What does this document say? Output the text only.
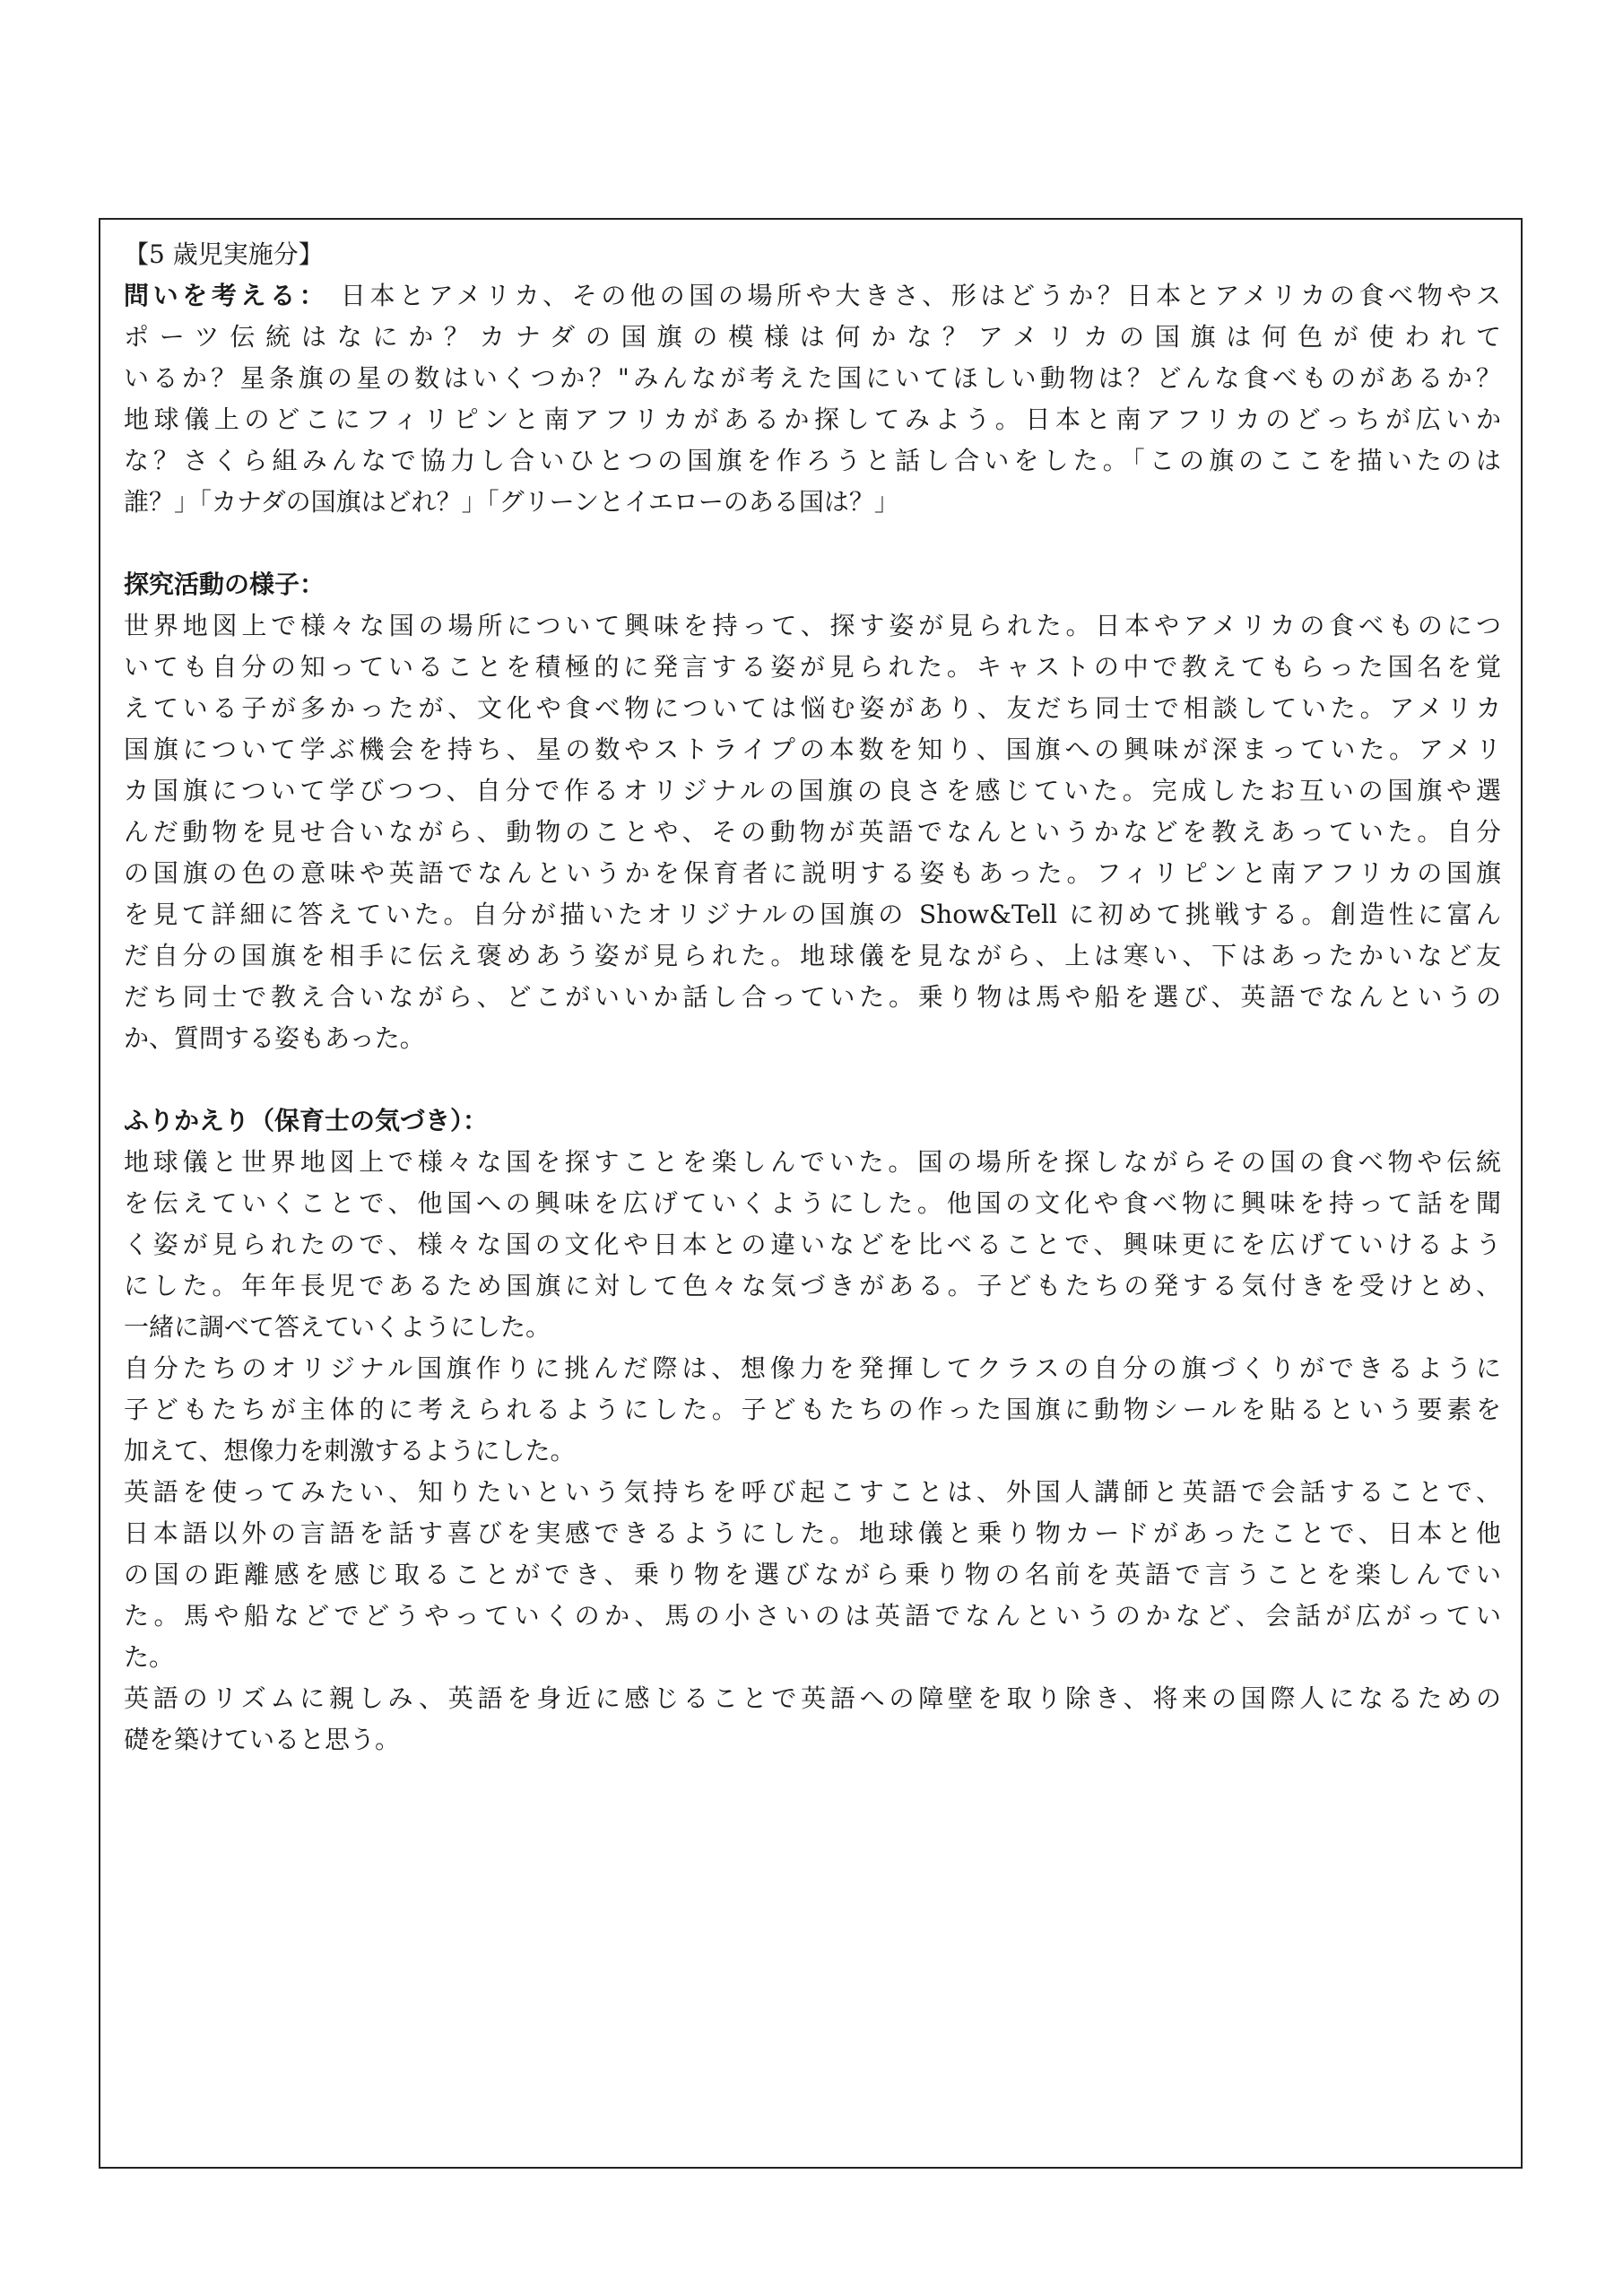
【5 歳児実施分】

問いを考える： 日本とアメリカ、その他の国の場所や大きさ、形はどうか？日本とアメリカの食べ物やス

ポーツ伝統はなにか？カナダの国旗の模様は何かな？アメリカの国旗は何色が使われて

いるか？星条旗の星の数はいくつか？"みんなが考えた国にいてほしい動物は？どんな食べものがあるか？

地球儀上のどこにフィリピンと南アフリカがあるか探してみよう。日本と南アフリカのどっちが広いか

な？さくら組みんなで協力し合いひとつの国旗を作ろうと話し合いをした。「この旗のここを描いたのは

誰？」「カナダの国旗はどれ？」「グリーンとイエローのある国は？」

探究活動の様子：

世界地図上で様々な国の場所について興味を持って、探す姿が見られた。日本やアメリカの食べものにつ

いても自分の知っていることを積極的に発言する姿が見られた。キャストの中で教えてもらった国名を覚

えている子が多かったが、文化や食べ物については悩む姿があり、友だち同士で相談していた。アメリカ

国旗について学ぶ機会を持ち、星の数やストライプの本数を知り、国旗への興味が深まっていた。アメリ

カ国旗について学びつつ、自分で作るオリジナルの国旗の良さを感じていた。完成したお互いの国旗や選

んだ動物を見せ合いながら、動物のことや、その動物が英語でなんというかなどを教えあっていた。自分

の国旗の色の意味や英語でなんというかを保育者に説明する姿もあった。フィリピンと南アフリカの国旗

を見て詳細に答えていた。自分が描いたオリジナルの国旗の Show&Tell に初めて挑戦する。創造性に富ん

だ自分の国旗を相手に伝え褒めあう姿が見られた。地球儀を見ながら、上は寒い、下はあったかいなど友

だち同士で教え合いながら、どこがいいか話し合っていた。乗り物は馬や船を選び、英語でなんというの

か、質問する姿もあった。

ふりかえり（保育士の気づき）：

地球儀と世界地図上で様々な国を探すことを楽しんでいた。国の場所を探しながらその国の食べ物や伝統

を伝えていくことで、他国への興味を広げていくようにした。他国の文化や食べ物に興味を持って話を聞

く姿が見られたので、様々な国の文化や日本との違いなどを比べることで、興味更にを広げていけるよう

にした。年年長児であるため国旗に対して色々な気づきがある。子どもたちの発する気付きを受けとめ、

一緒に調べて答えていくようにした。

自分たちのオリジナル国旗作りに挑んだ際は、想像力を発揮してクラスの自分の旗づくりができるように

子どもたちが主体的に考えられるようにした。子どもたちの作った国旗に動物シールを貼るという要素を

加えて、想像力を刺激するようにした。

英語を使ってみたい、知りたいという気持ちを呼び起こすことは、外国人講師と英語で会話することで、

日本語以外の言語を話す喜びを実感できるようにした。地球儀と乗り物カードがあったことで、日本と他

の国の距離感を感じ取ることができ、乗り物を選びながら乗り物の名前を英語で言うことを楽しんでい

た。馬や船などでどうやっていくのか、馬の小さいのは英語でなんというのかなど、会話が広がってい

た。

英語のリズムに親しみ、英語を身近に感じることで英語への障壁を取り除き、将来の国際人になるための

礎を築けていると思う。
